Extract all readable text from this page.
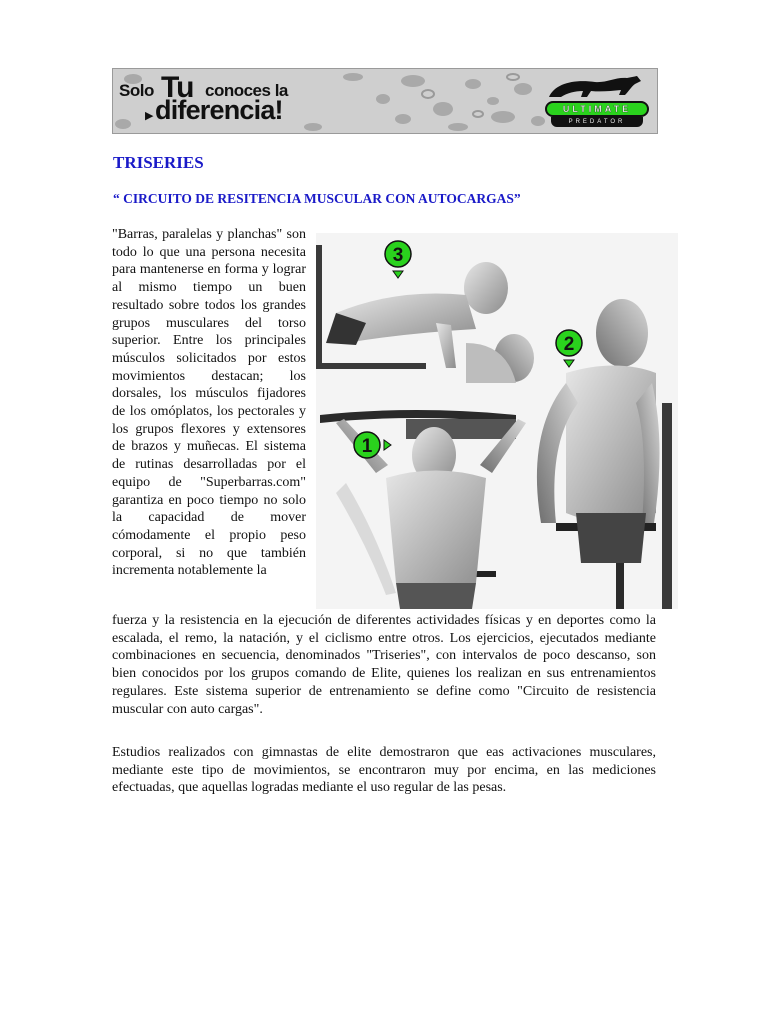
Solo Tu conoces la
▶ diferencia!	ULTIMATE
PREDATOR
TRISERIES
“ CIRCUITO DE RESITENCIA MUSCULAR CON AUTOCARGAS”
3
2
1
"Barras, paralelas y planchas" son todo lo que una persona necesita para mantenerse en forma y lograr al mismo tiempo un buen resultado sobre todos los grandes grupos musculares del torso superior. Entre los principales músculos solicitados por estos movimientos destacan; los dorsales, los músculos fijadores de los omóplatos, los pectorales y los grupos flexores y extensores de brazos y muñecas. El sistema de rutinas desarrolladas por el equipo de "Superbarras.com" garantiza en poco tiempo no solo la capacidad de mover cómodamente el propio peso corporal, si no que también incrementa notablemente la

fuerza y la resistencia en la ejecución de diferentes actividades físicas y en deportes como la escalada, el remo, la natación, y el ciclismo entre otros. Los ejercicios, ejecutados mediante combinaciones en secuencia, denominados "Triseries", con intervalos de poco descanso, son bien conocidos por los grupos comando de Elite, quienes los realizan en sus entrenamientos regulares. Este sistema superior de entrenamiento se define como "Circuito de resistencia muscular con auto cargas".

Estudios realizados con gimnastas de elite demostraron que eas activaciones musculares, mediante este tipo de movimientos, se encontraron muy por encima, en las mediciones efectuadas, que aquellas logradas mediante el uso regular de las pesas.
